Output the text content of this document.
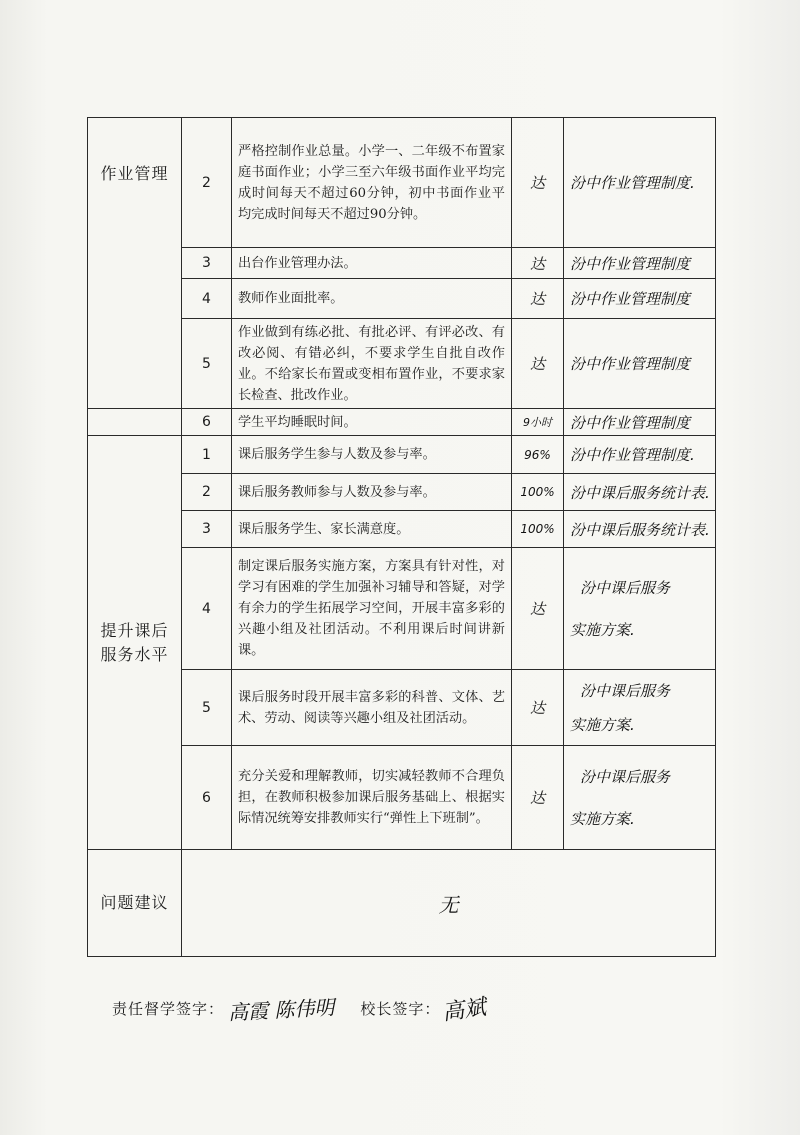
作业管理	2	严格控制作业总量。小学一、二年级不布置家庭书面作业；小学三至六年级书面作业平均完成时间每天不超过60分钟，初中书面作业平均完成时间每天不超过90分钟。	达	汾中作业管理制度.
	3	出台作业管理办法。	达	汾中作业管理制度
	4	教师作业面批率。	达	汾中作业管理制度
	5	作业做到有练必批、有批必评、有评必改、有改必阅、有错必纠，不要求学生自批自改作业。不给家长布置或变相布置作业，不要求家长检查、批改作业。	达	汾中作业管理制度
	6	学生平均睡眠时间。	9小时	汾中作业管理制度

提升课后
服务水平	1	课后服务学生参与人数及参与率。	96%	汾中作业管理制度.
	2	课后服务教师参与人数及参与率。	100%	汾中课后服务统计表.
	3	课后服务学生、家长满意度。	100%	汾中课后服务统计表.
	4	制定课后服务实施方案，方案具有针对性，对学习有困难的学生加强补习辅导和答疑，对学有余力的学生拓展学习空间，开展丰富多彩的兴趣小组及社团活动。不利用课后时间讲新课。	达	汾中课后服务
实施方案.

	5	课后服务时段开展丰富多彩的科普、文体、艺术、劳动、阅读等兴趣小组及社团活动。	达	汾中课后服务
实施方案.

	6	充分关爱和理解教师，切实减轻教师不合理负担，在教师积极参加课后服务基础上、根据实际情况统筹安排教师实行“弹性上下班制”。	达	汾中课后服务
实施方案.

问题建议	无			
责任督学签字： 高霞 陈伟明 校长签字： 高斌
